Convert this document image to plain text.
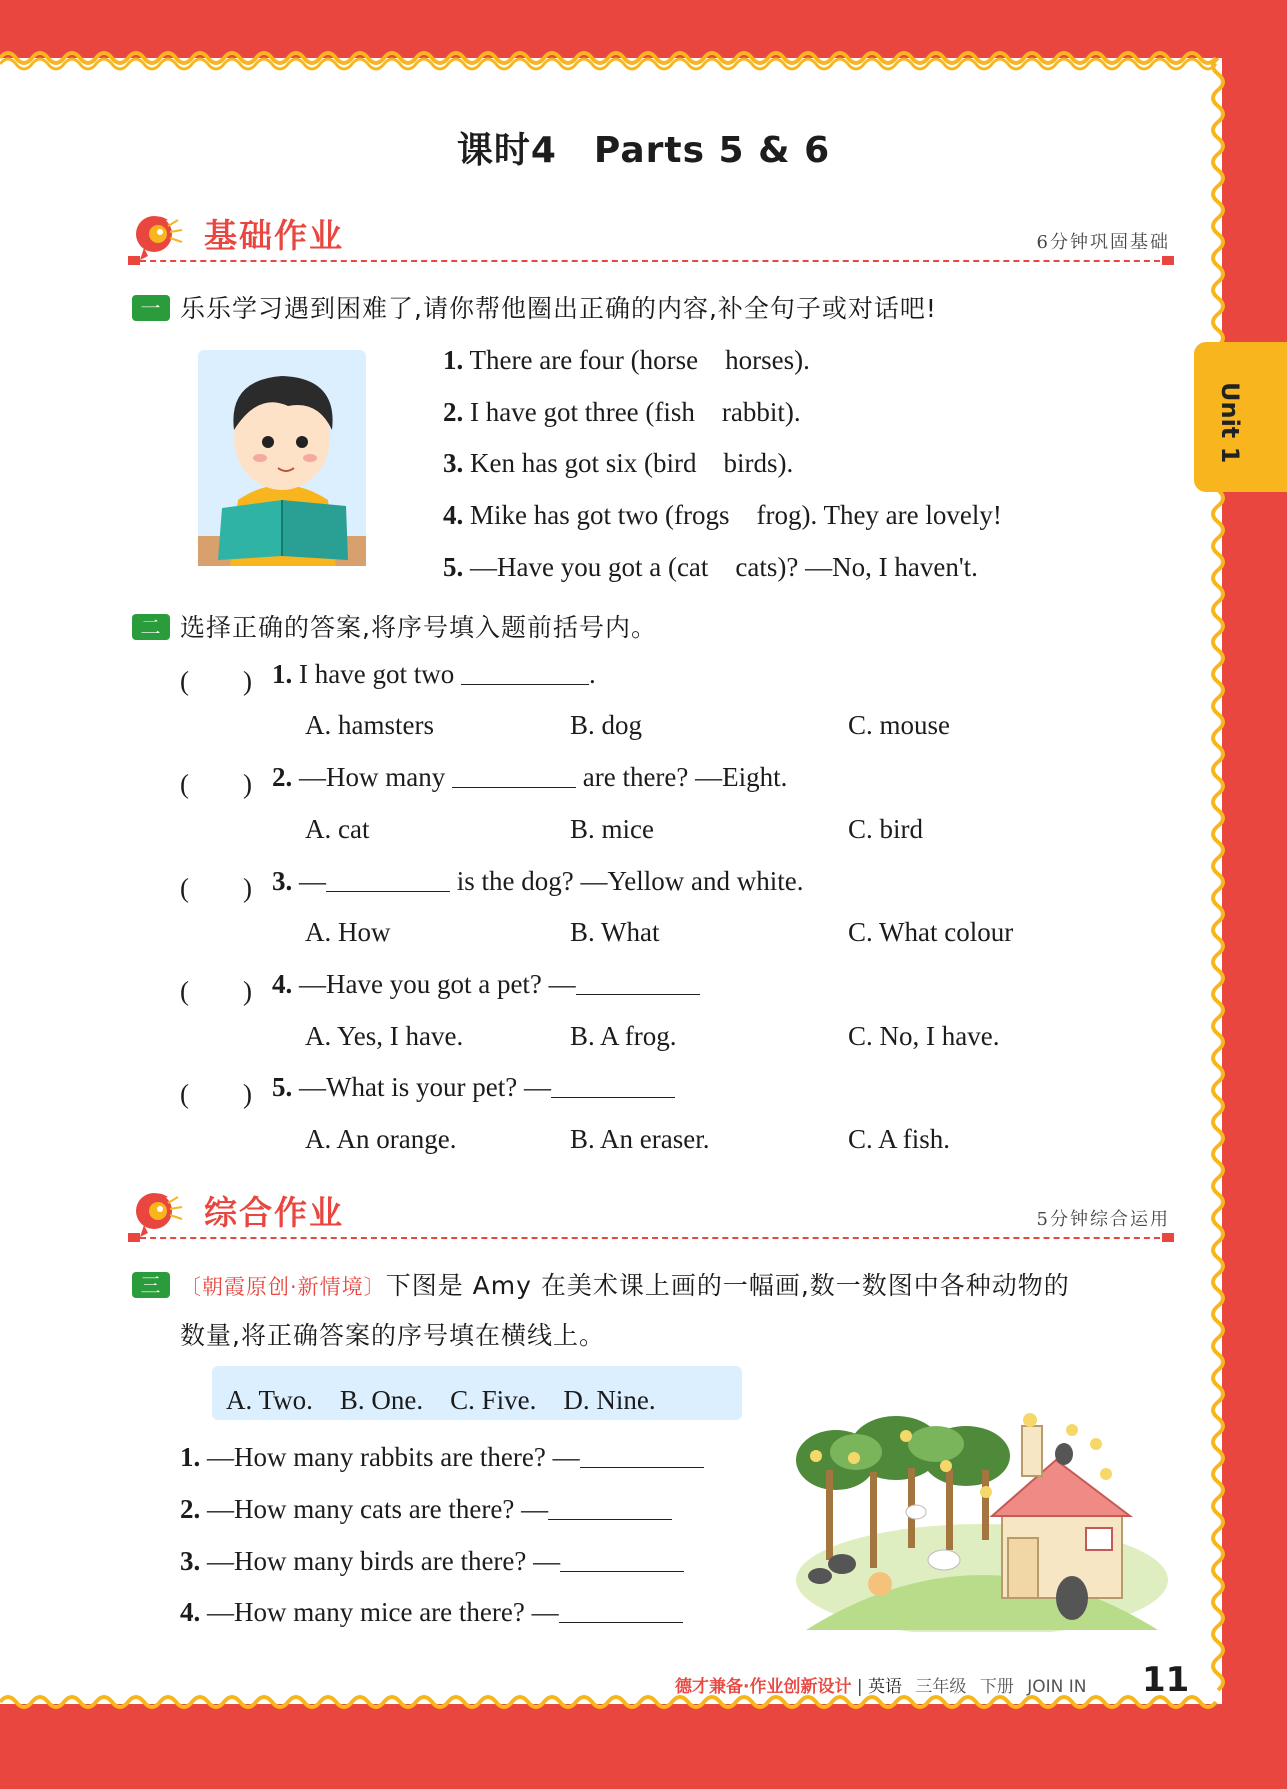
Unit 1
课时4　Parts 5 & 6
基础作业	6分钟巩固基础
一 乐乐学习遇到困难了,请你帮他圈出正确的内容,补全句子或对话吧!
1. There are four (horse　horses).
2. I have got three (fish　rabbit).
3. Ken has got six (bird　birds).
4. Mike has got two (frogs　frog). They are lovely!
5. —Have you got a (cat　cats)? —No, I haven't.
二 选择正确的答案,将序号填入题前括号内。
(　　) 1. I have got two	.
A. hamsters	B. dog	C. mouse
(　　) 2. —How many	are there? —Eight.
A. cat	B. mice	C. bird
(　　) 3. —	is the dog? —Yellow and white.
A. How	B. What	C. What colour
(　　) 4. —Have you got a pet? —
A. Yes, I have.	B. A frog.	C. No, I have.
(　　) 5. —What is your pet? —
A. An orange.	B. An eraser.	C. A fish.
综合作业	5分钟综合运用
三 〔朝霞原创·新情境〕下图是 Amy 在美术课上画的一幅画,数一数图中各种动物的
数量,将正确答案的序号填在横线上。
A. Two.　B. One.　C. Five.　D. Nine.
1. —How many rabbits are there? —
2. —How many cats are there? —
3. —How many birds are there? —
4. —How many mice are there? —
德才兼备·作业创新设计 | 英语 三年级 下册 JOIN IN 11
